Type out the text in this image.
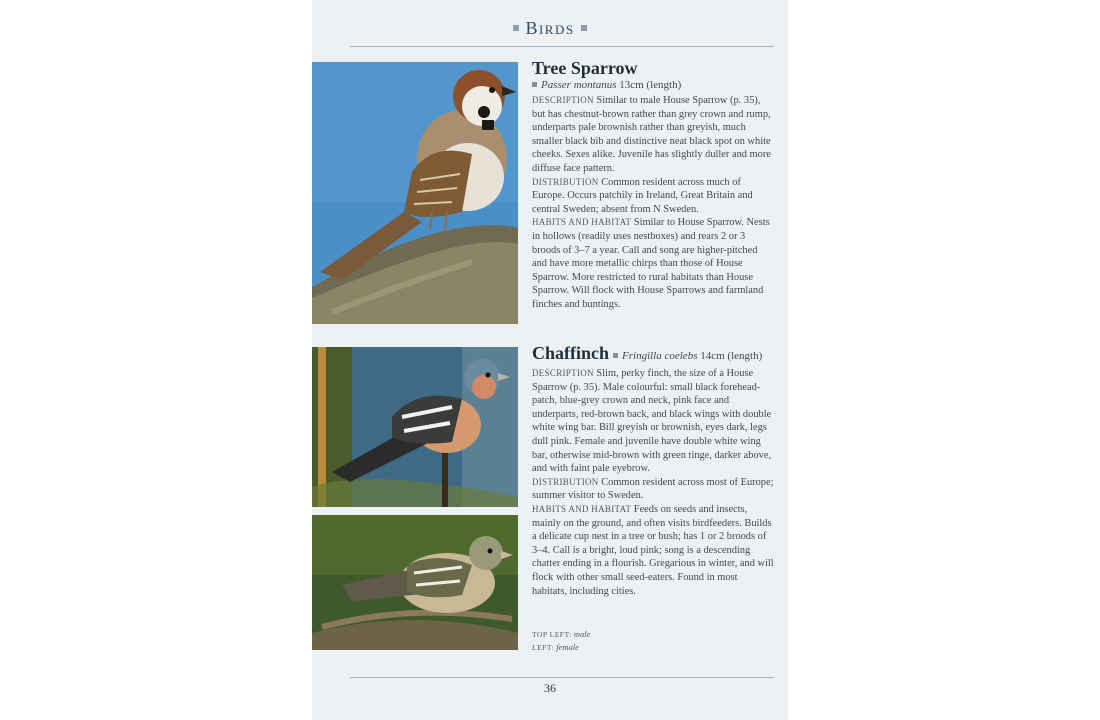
Birds
Tree Sparrow
Passer montanus 13cm (length)

DESCRIPTION Similar to male House Sparrow (p. 35), but has chestnut-brown rather than grey crown and rump, underparts pale brownish rather than greyish, much smaller black bib and distinctive neat black spot on white cheeks. Sexes alike. Juvenile has slightly duller and more diffuse face pattern.

DISTRIBUTION Common resident across much of Europe. Occurs patchily in Ireland, Great Britain and central Sweden; absent from N Sweden.

HABITS AND HABITAT Similar to House Sparrow. Nests in hollows (readily uses nestboxes) and rears 2 or 3 broods of 3–7 a year. Call and song are higher-pitched and have more metallic chirps than those of House Sparrow. More restricted to rural habitats than House Sparrow. Will flock with House Sparrows and farmland finches and buntings.

Chaffinch Fringilla coelebs 14cm (length)

DESCRIPTION Slim, perky finch, the size of a House Sparrow (p. 35). Male colourful: small black forehead-patch, blue-grey crown and neck, pink face and underparts, red-brown back, and black wings with double white wing bar. Bill greyish or brownish, eyes dark, legs dull pink. Female and juvenile have double white wing bar, otherwise mid-brown with green tinge, darker above, and with faint pale eyebrow.

DISTRIBUTION Common resident across most of Europe; summer visitor to Sweden.

HABITS AND HABITAT Feeds on seeds and insects, mainly on the ground, and often visits birdfeeders. Builds a delicate cup nest in a tree or bush; has 1 or 2 broods of 3–4. Call is a bright, loud pink; song is a descending chatter ending in a flourish. Gregarious in winter, and will flock with other small seed-eaters. Found in most habitats, including cities.

TOP LEFT: male
LEFT: female
36
